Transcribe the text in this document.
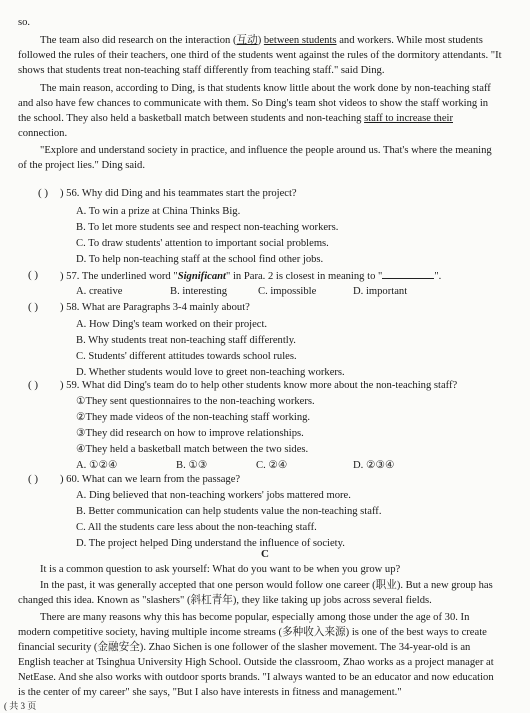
so.
The team also did research on the interaction (互动) between students and workers. While most students
followed the rules of their teachers, one third of the students went against the rules of the dormitory attendants. "It
shows that students treat non-teaching staff differently from teaching staff." said Ding.
The main reason, according to Ding, is that students know little about the work done by non-teaching staff
and also have few chances to communicate with them. So Ding's team shot videos to show the staff working in
the school. They also held a basketball match between students and non-teaching staff to increase their
connection.
"Explore and understand society in practice, and influence the people around us. That's where the meaning
of the project lies." Ding said.
( ) ) 56. Why did Ding and his teammates start the project?
A. To win a prize at China Thinks Big.
B. To let more students see and respect non-teaching workers.
C. To draw students' attention to important social problems.
D. To help non-teaching staff at the school find other jobs.
( ) ) 57. The underlined word "Significant" in Para. 2 is closest in meaning to "	".
A. creative	B. interesting	C. impossible	D. important
( ) ) 58. What are Paragraphs 3-4 mainly about?
A. How Ding's team worked on their project.
B. Why students treat non-teaching staff differently.
C. Students' different attitudes towards school rules.
D. Whether students would love to greet non-teaching workers.
( ) ) 59. What did Ding's team do to help other students know more about the non-teaching staff?
①They sent questionnaires to the non-teaching workers.
②They made videos of the non-teaching staff working.
③They did research on how to improve relationships.
④They held a basketball match between the two sides.
A. ①②④	B. ①③	C. ②④	D. ②③④
( ) ) 60. What can we learn from the passage?
A. Ding believed that non-teaching workers' jobs mattered more.
B. Better communication can help students value the non-teaching staff.
C. All the students care less about the non-teaching staff.
D. The project helped Ding understand the influence of society.
C
It is a common question to ask yourself: What do you want to be when you grow up?
In the past, it was generally accepted that one person would follow one career (职业). But a new group has
changed this idea. Known as "slashers" (斜杠青年), they like taking up jobs across several fields.
There are many reasons why this has become popular, especially among those under the age of 30. In
modern competitive society, having multiple income streams (多种收入来源) is one of the best ways to create
financial security (金融安全). Zhao Sichen is one follower of the slasher movement. The 34-year-old is an
English teacher at Tsinghua University High School. Outside the classroom, Zhao works as a project manager at
NetEase. And she also works with outdoor sports brands. "I always wanted to be an educator and now education
is the center of my career" she says, "But I also have interests in fitness and management."
( 共 3 页
